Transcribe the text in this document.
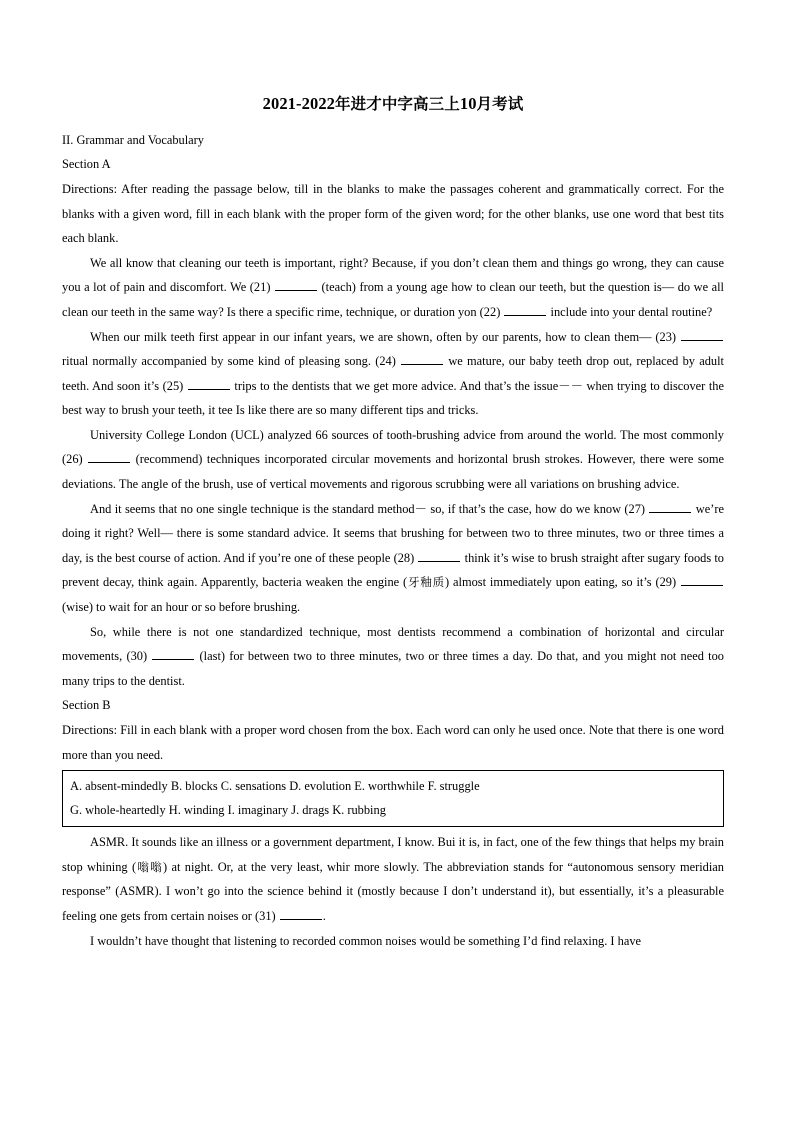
2021-2022年进才中字高三上10月考试

II. Grammar and Vocabulary

Section A

Directions: After reading the passage below, till in the blanks to make the passages coherent and grammatically correct. For the blanks with a given word, fill in each blank with the proper form of the given word; for the other blanks, use one word that best tits each blank.

We all know that cleaning our teeth is important, right? Because, if you don’t clean them and things go wrong, they can cause you a lot of pain and discomfort. We (21)	(teach) from a young age how to clean our teeth, but the question is— do we all clean our teeth in the same way? Is there a specific rime, technique, or duration yon (22)	include into your dental routine?

When our milk teeth first appear in our infant years, we are shown, often by our parents, how to clean them— (23)  ritual normally accompanied by some kind of pleasing song. (24)	we mature, our baby teeth drop out, replaced by adult teeth. And soon it’s (25)	trips to the dentists that we get more advice. And that’s the issue－－ when trying to discover the best way to brush your teeth, it tee Is like there are so many different tips and tricks.

University College London (UCL) analyzed 66 sources of tooth-brushing advice from around the world. The most commonly (26)	(recommend) techniques incorporated circular movements and horizontal brush strokes. However, there were some deviations. The angle of the brush, use of vertical movements and rigorous scrubbing were all variations on brushing advice.

And it seems that no one single technique is the standard method－ so, if that’s the case, how do we know (27)	we’re doing it right? Well— there is some standard advice. It seems that brushing for between two to three minutes, two or three times a day, is the best course of action. And if you’re one of these people (28)	think it’s wise to brush straight after sugary foods to prevent decay, think again. Apparently, bacteria weaken the engine (牙釉质) almost immediately upon eating, so it’s (29)  (wise) to wait for an hour or so before brushing.

So, while there is not one standardized technique, most dentists recommend a combination of horizontal and circular movements, (30)	(last) for between two to three minutes, two or three times a day. Do that, and you might not need too many trips to the dentist.

Section B

Directions: Fill in each blank with a proper word chosen from the box. Each word can only he used once. Note that there is one word more than you need.

A. absent-mindedly B. blocks C. sensations D. evolution E. worthwhile F. struggle

G. whole-heartedly H. winding I. imaginary J. drags K. rubbing

ASMR. It sounds like an illness or a government department, I know. Bui it is, in fact, one of the few things that helps my brain stop whining (嗡嗡) at night. Or, at the very least, whir more slowly. The abbreviation stands for “autonomous sensory meridian response” (ASMR). I won’t go into the science behind it (mostly because I don’t understand it), but essentially, it’s a pleasurable feeling one gets from certain noises or (31)	.

I wouldn’t have thought that listening to recorded common noises would be something I’d find relaxing. I have
